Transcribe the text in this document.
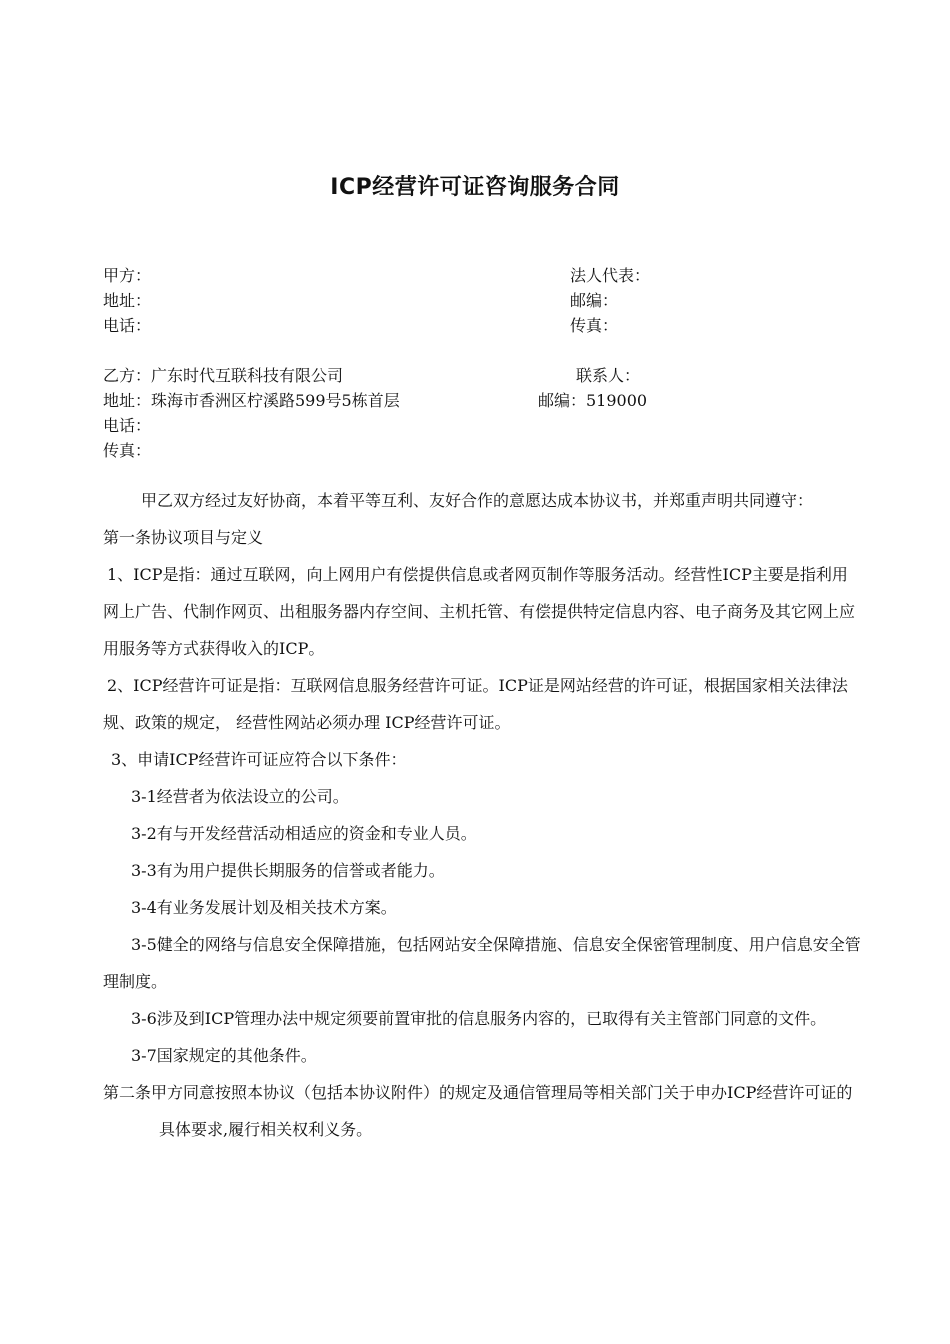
ICP经营许可证咨询服务合同
甲方：	法人代表：
地址：	邮编：
电话：	传真：
乙方：广东时代互联科技有限公司	联系人：
地址：珠海市香洲区柠溪路599号5栋首层	邮编：519000
电话：
传真：

甲乙双方经过友好协商，本着平等互利、友好合作的意愿达成本协议书，并郑重声明共同遵守：

第一条协议项目与定义

1、ICP是指：通过互联网，向上网用户有偿提供信息或者网页制作等服务活动。经营性ICP主要是指利用网上广告、代制作网页、出租服务器内存空间、主机托管、有偿提供特定信息内容、电子商务及其它网上应用服务等方式获得收入的ICP。

2、ICP经营许可证是指：互联网信息服务经营许可证。ICP证是网站经营的许可证，根据国家相关法律法规、政策的规定， 经营性网站必须办理 ICP经营许可证。

3、申请ICP经营许可证应符合以下条件：

3-1经营者为依法设立的公司。

3-2有与开发经营活动相适应的资金和专业人员。

3-3有为用户提供长期服务的信誉或者能力。

3-4有业务发展计划及相关技术方案。

3-5健全的网络与信息安全保障措施，包括网站安全保障措施、信息安全保密管理制度、用户信息安全管理制度。

3-6涉及到ICP管理办法中规定须要前置审批的信息服务内容的，已取得有关主管部门同意的文件。

3-7国家规定的其他条件。

第二条甲方同意按照本协议（包括本协议附件）的规定及通信管理局等相关部门关于申办ICP经营许可证的具体要求,履行相关权利义务。
